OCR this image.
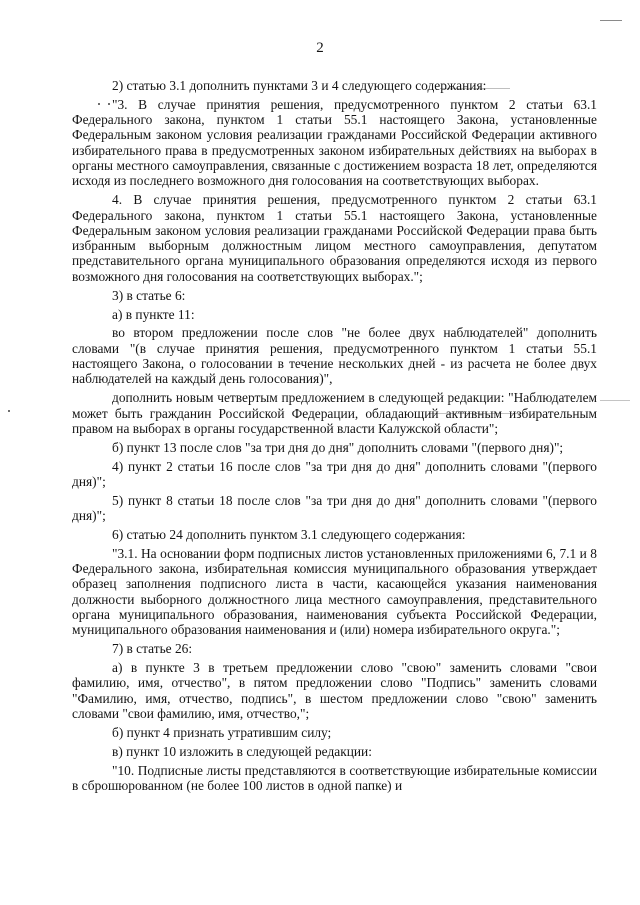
2

2) статью 3.1 дополнить пунктами 3 и 4 следующего содержания:

"3. В случае принятия решения, предусмотренного пунктом 2 статьи 63.1 Федерального закона, пунктом 1 статьи 55.1 настоящего Закона, установленные Федеральным законом условия реализации гражданами Российской Федерации активного избирательного права в предусмотренных законом избирательных действиях на выборах в органы местного самоуправления, связанные с достижением возраста 18 лет, определяются исходя из последнего возможного дня голосования на соответствующих выборах.

4. В случае принятия решения, предусмотренного пунктом 2 статьи 63.1 Федерального закона, пунктом 1 статьи 55.1 настоящего Закона, установленные Федеральным законом условия реализации гражданами Российской Федерации права быть избранным выборным должностным лицом местного самоуправления, депутатом представительного органа муниципального образования определяются исходя из первого возможного дня голосования на соответствующих выборах.";

3) в статье 6:

а) в пункте 11:

во втором предложении после слов "не более двух наблюдателей" дополнить словами "(в случае принятия решения, предусмотренного пунктом 1 статьи 55.1 настоящего Закона, о голосовании в течение нескольких дней - из расчета не более двух наблюдателей на каждый день голосования)",

дополнить новым четвертым предложением в следующей редакции: "Наблюдателем может быть гражданин Российской Федерации, обладающий активным избирательным правом на выборах в органы государственной власти Калужской области";

б) пункт 13 после слов "за три дня до дня" дополнить словами "(первого дня)";

4) пункт 2 статьи 16 после слов "за три дня до дня" дополнить словами "(первого дня)";

5) пункт 8 статьи 18 после слов "за три дня до дня" дополнить словами "(первого дня)";

6) статью 24 дополнить пунктом 3.1 следующего содержания:

"3.1. На основании форм подписных листов установленных приложениями 6, 7.1 и 8 Федерального закона, избирательная комиссия муниципального образования утверждает образец заполнения подписного листа в части, касающейся указания наименования должности выборного должностного лица местного самоуправления, представительного органа муниципального образования, наименования субъекта Российской Федерации, муниципального образования наименования и (или) номера избирательного округа.";

7) в статье 26:

а) в пункте 3 в третьем предложении слово "свою" заменить словами "свои фамилию, имя, отчество", в пятом предложении слово "Подпись" заменить словами "Фамилию, имя, отчество, подпись", в шестом предложении слово "свою" заменить словами "свои фамилию, имя, отчество,";

б) пункт 4 признать утратившим силу;

в) пункт 10 изложить в следующей редакции:

"10. Подписные листы представляются в соответствующие избирательные комиссии в сброшюрованном (не более 100 листов в одной папке) и
